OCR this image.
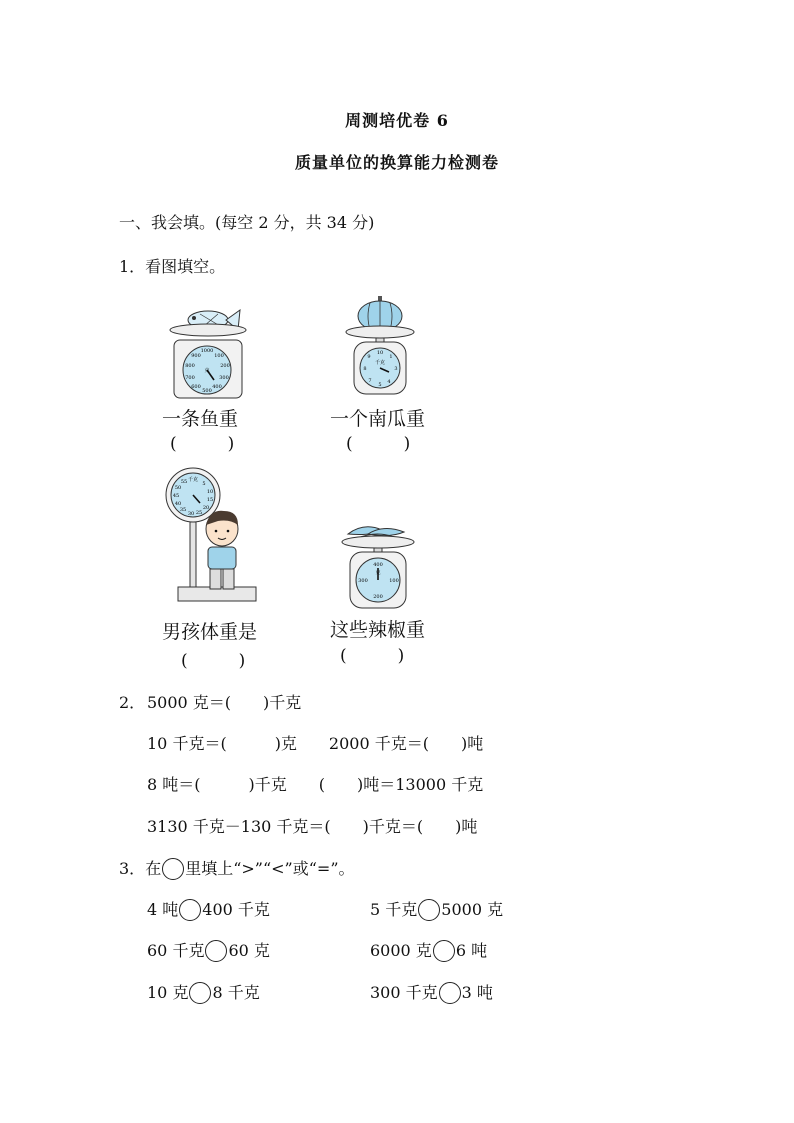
周测培优卷 6
质量单位的换算能力检测卷
一、我会填。(每空 2 分，共 34 分)
1．看图填空。
1000
100
200
300
400
500
600
700
800
900
克
一条鱼重
(　　　)
10
1
3
4
5
7
8
9
千克
一个南瓜重
(　　　)
千克
5
10
15
20
25
30
35
40
45
50
55
男孩体重是
(　　　)
400
克
100
200
300
这些辣椒重
(　　　)
2． 5000 克＝(　　)千克
10 千克＝(　　　)克　　2000 千克＝(　　)吨
8 吨＝(　　　)千克　　(　　)吨＝13000 千克
3130 千克－130 千克＝(　　)千克＝(　　)吨
3．在 里填上“>”“<”或“=”。
4 吨 400 千克	5 千克 5000 克
60 千克 60 克	6000 克 6 吨
10 克 8 千克	300 千克 3 吨
